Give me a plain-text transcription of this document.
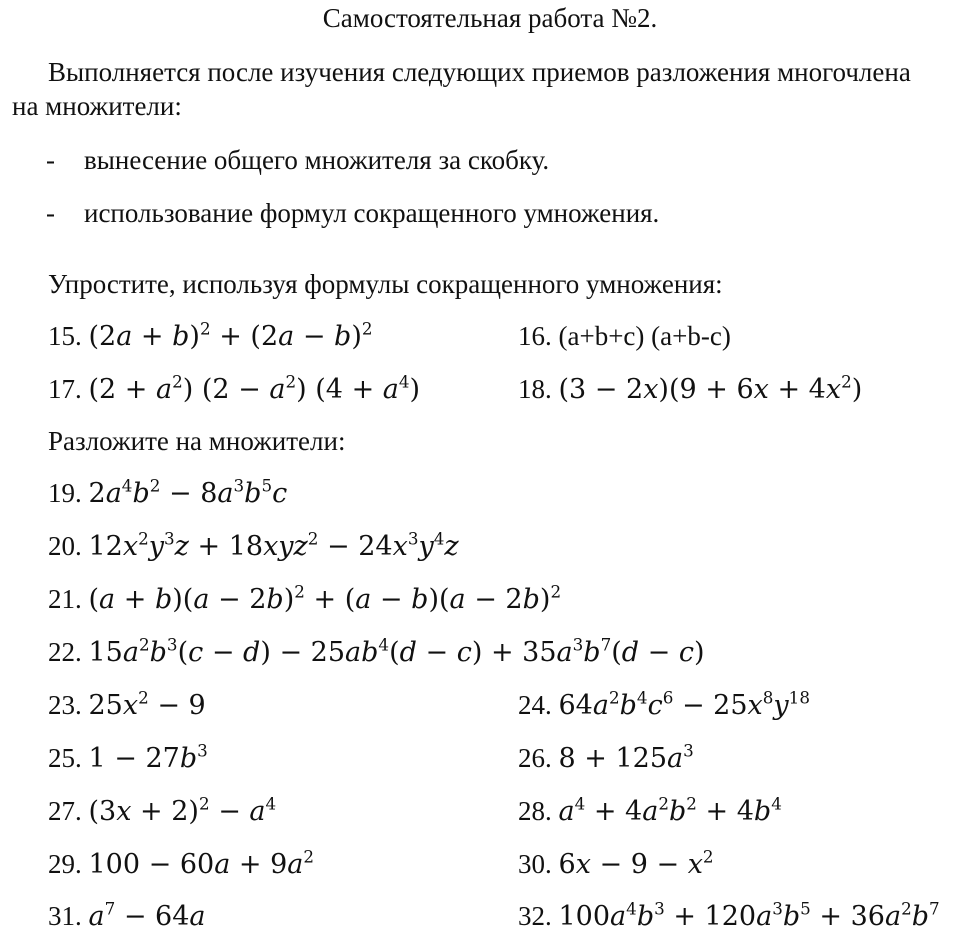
Самостоятельная работа №2.
Выполняется после изучения следующих приемов разложения многочлена
на множители:
- вынесение общего множителя за скобку.
- использование формул сокращенного умножения.
Упростите, используя формулы сокращенного умножения:
15. $(2a + b)^2 + (2a - b)^2$	16. (a+b+c) (a+b-c)
17. $(2 + a^2)$ $(2 - a^2)$ $(4 + a^4)$	18. $(3 - 2x)(9 + 6x + 4x^2)$
Разложите на множители:
19. $2a^4b^2 - 8a^3b^5c$
20. $12x^2y^3z + 18xyz^2 - 24x^3y^4z$
21. $(a + b)(a - 2b)^2 + (a - b)(a - 2b)^2$
22. $15a^2b^3(c - d) - 25ab^4(d - c) + 35a^3b^7(d - c)$
23. $25x^2 - 9$	24. $64a^2b^4c^6 - 25x^8y^{18}$
25. $1 - 27b^3$	26. $8 + 125a^3$
27. $(3x + 2)^2 - a^4$	28. $a^4 + 4a^2b^2 + 4b^4$
29. $100 - 60a + 9a^2$	30. $6x - 9 - x^2$
31. $a^7 - 64a$	32. $100a^4b^3 + 120a^3b^5 + 36a^2b^7$
